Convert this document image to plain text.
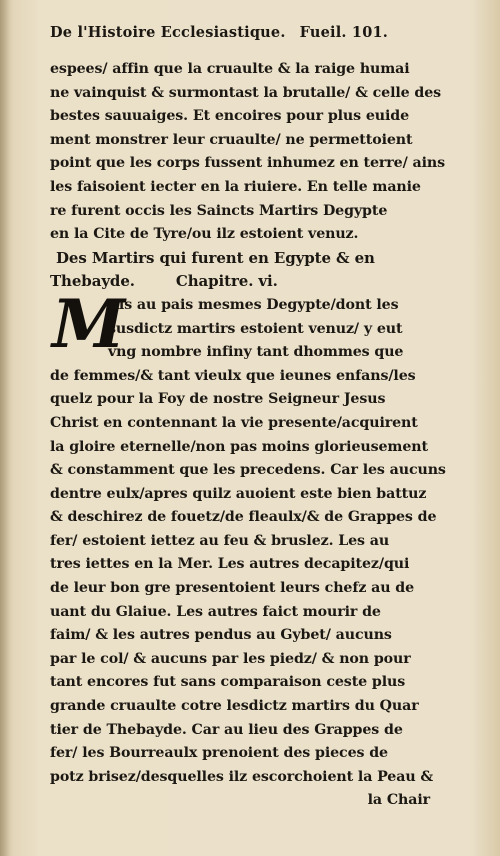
De l'Histoire Ecclesiastique. Fueil. 101.
espees/ affin que la cruaulte & la raige humai
ne vainquist & surmontast la brutalle/ & celle des
bestes sauuaiges. Et encoires pour plus euide
ment monstrer leur cruaulte/ ne permettoient
point que les corps fussent inhumez en terre/ ains
les faisoient iecter en la riuiere. En telle manie
re furent occis les Saincts Martirs Degypte
en la Cite de Tyre/ou ilz estoient venuz.
Des Martirs qui furent en Egypte & en
Thebayde.        Chapitre. vi.
M
Ais au pais mesmes Degypte/dont les
susdictz martirs estoient venuz/ y eut
vng nombre infiny tant dhommes que
de femmes/& tant vieulx que ieunes enfans/les
quelz pour la Foy de nostre Seigneur Jesus
Christ en contennant la vie presente/acquirent
la gloire eternelle/non pas moins glorieusement
& constamment que les precedens. Car les aucuns
dentre eulx/apres quilz auoient este bien battuz
& deschirez de fouetz/de fleaulx/& de Grappes de
fer/ estoient iettez au feu & bruslez. Les au
tres iettes en la Mer. Les autres decapitez/qui
de leur bon gre presentoient leurs chefz au de
uant du Glaiue. Les autres faict mourir de
faim/ & les autres pendus au Gybet/ aucuns
par le col/ & aucuns par les piedz/ & non pour
tant encores fut sans comparaison ceste plus
grande cruaulte cotre lesdictz martirs du Quar
tier de Thebayde. Car au lieu des Grappes de
fer/ les Bourreaulx prenoient des pieces de
potz brisez/desquelles ilz escorchoient la Peau &
la Chair
